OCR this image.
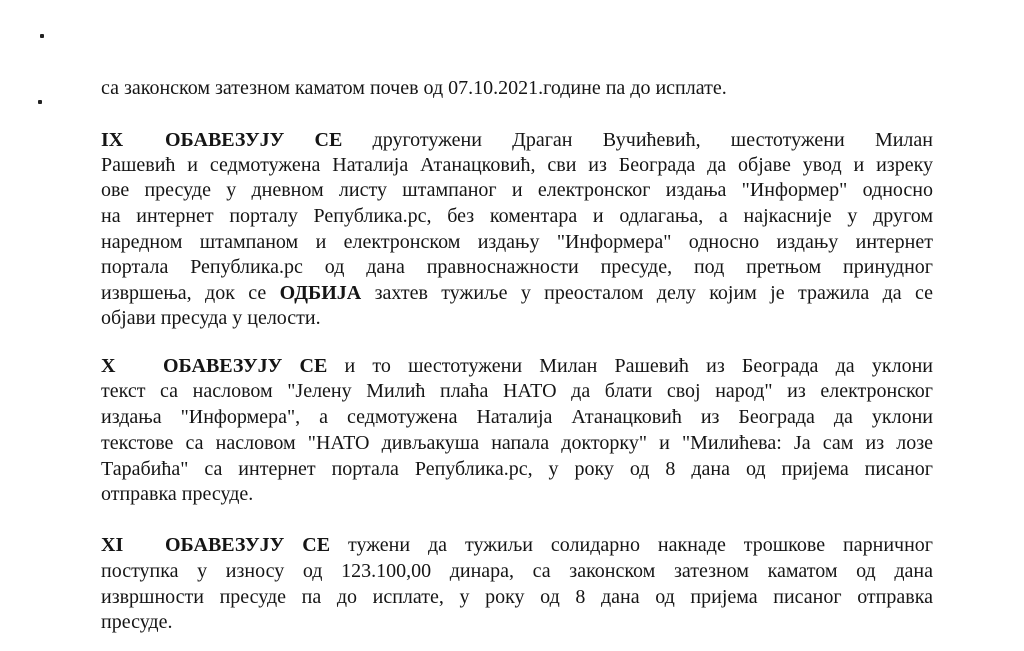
са законском затезном каматом почев од 07.10.2021.године па до исплате.
IX ОБАВЕЗУЈУ СЕ друготужени Драган Вучићевић, шестотужени Милан
Рашевић и седмотужена Наталија Атанацковић, сви из Београда да објаве увод и изреку
ове пресуде у дневном листу штампаног и електронског издања "Информер" односно
на интернет порталу Републикa.рс, без коментара и одлагања, а најкасније у другом
наредном штампаном и електронском издању "Информера" односно издању интернет
портала Република.рс од дана правноснажности пресуде, под претњом принудног
извршења, док се ОДБИЈА захтев тужиље у преосталом делу којим је тражила да се
објави пресуда у целости.
X ОБАВЕЗУЈУ СЕ и то шестотужени Милан Рашевић из Београда да уклони
текст са насловом "Јелену Милић плаћа НАТО да блати свој народ" из електронског
издања "Информера", а седмотужена Наталија Атанацковић из Београда да уклони
текстове са насловом "НАТО дивљакуша напала докторку" и "Милићева: Ја сам из лозе
Тарабића" са интернет портала Република.рс, у року од 8 дана од пријема писаног
отправка пресуде.
XI ОБАВЕЗУЈУ СЕ тужени да тужиљи солидарно накнаде трошкове парничног
поступка у износу од 123.100,00 динара, са законском затезном каматом од дана
извршности пресуде па до исплате, у року од 8 дана од пријема писаног отправка
пресуде.
